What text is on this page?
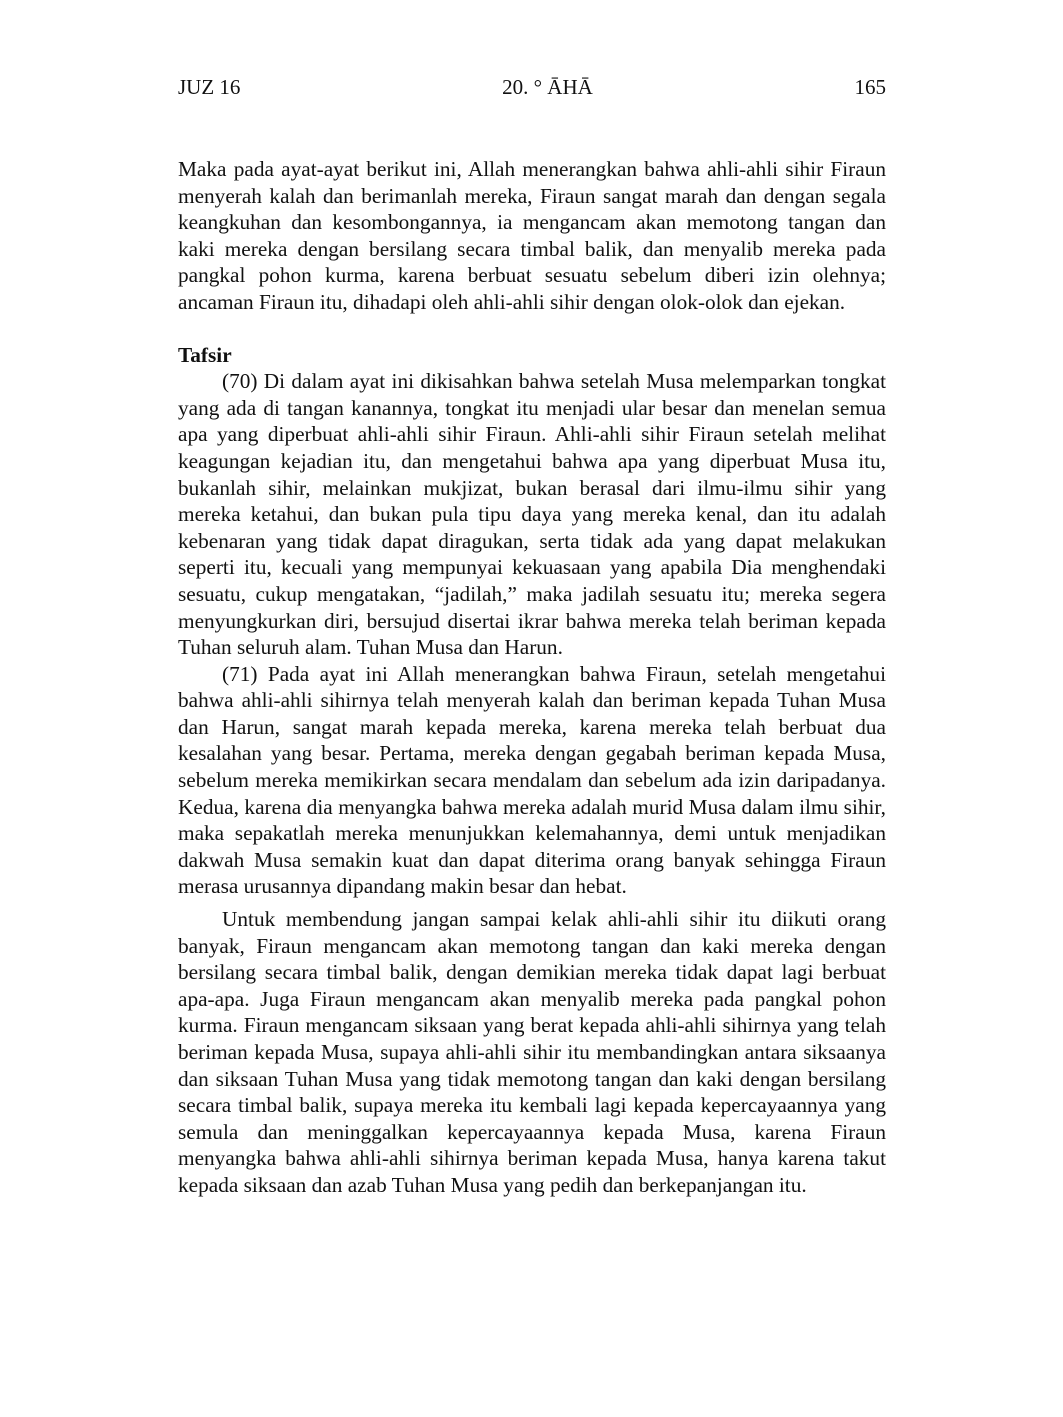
JUZ 16	20. ° ĀHĀ	165

Maka pada ayat-ayat berikut ini, Allah menerangkan bahwa ahli-ahli sihir Firaun menyerah kalah dan berimanlah mereka, Firaun sangat marah dan dengan segala keangkuhan dan kesombongannya, ia mengancam akan memotong tangan dan kaki mereka dengan bersilang secara timbal balik, dan menyalib mereka pada pangkal pohon kurma, karena berbuat sesuatu sebelum diberi izin olehnya; ancaman Firaun itu, dihadapi oleh ahli-ahli sihir dengan olok-olok dan ejekan.

Tafsir

(70) Di dalam ayat ini dikisahkan bahwa setelah Musa melemparkan tongkat yang ada di tangan kanannya, tongkat itu menjadi ular besar dan menelan semua apa yang diperbuat ahli-ahli sihir Firaun. Ahli-ahli sihir Firaun setelah melihat keagungan kejadian itu, dan mengetahui bahwa apa yang diperbuat Musa itu, bukanlah sihir, melainkan mukjizat, bukan berasal dari ilmu-ilmu sihir yang mereka ketahui, dan bukan pula tipu daya yang mereka kenal, dan itu adalah kebenaran yang tidak dapat diragukan, serta tidak ada yang dapat melakukan seperti itu, kecuali yang mempunyai kekuasaan yang apabila Dia menghendaki sesuatu, cukup mengatakan, “jadilah,” maka jadilah sesuatu itu; mereka segera menyungkurkan diri, bersujud disertai ikrar bahwa mereka telah beriman kepada Tuhan seluruh alam. Tuhan Musa dan Harun.

(71) Pada ayat ini Allah menerangkan bahwa Firaun, setelah mengetahui bahwa ahli-ahli sihirnya telah menyerah kalah dan beriman kepada Tuhan Musa dan Harun, sangat marah kepada mereka, karena mereka telah berbuat dua kesalahan yang besar. Pertama, mereka dengan gegabah beriman kepada Musa, sebelum mereka memikirkan secara mendalam dan sebelum ada izin daripadanya. Kedua, karena dia menyangka bahwa mereka adalah murid Musa dalam ilmu sihir, maka sepakatlah mereka menunjukkan kelemahannya, demi untuk menjadikan dakwah Musa semakin kuat dan dapat diterima orang banyak sehingga Firaun merasa urusannya dipandang makin besar dan hebat.

Untuk membendung jangan sampai kelak ahli-ahli sihir itu diikuti orang banyak, Firaun mengancam akan memotong tangan dan kaki mereka dengan bersilang secara timbal balik, dengan demikian mereka tidak dapat lagi berbuat apa-apa. Juga Firaun mengancam akan menyalib mereka pada pangkal pohon kurma. Firaun mengancam siksaan yang berat kepada ahli-ahli sihirnya yang telah beriman kepada Musa, supaya ahli-ahli sihir itu membandingkan antara siksaanya dan siksaan Tuhan Musa yang tidak memotong tangan dan kaki dengan bersilang secara timbal balik, supaya mereka itu kembali lagi kepada kepercayaannya yang semula dan meninggalkan kepercayaannya kepada Musa, karena Firaun menyangka bahwa ahli-ahli sihirnya beriman kepada Musa, hanya karena takut kepada siksaan dan azab Tuhan Musa yang pedih dan berkepanjangan itu.
